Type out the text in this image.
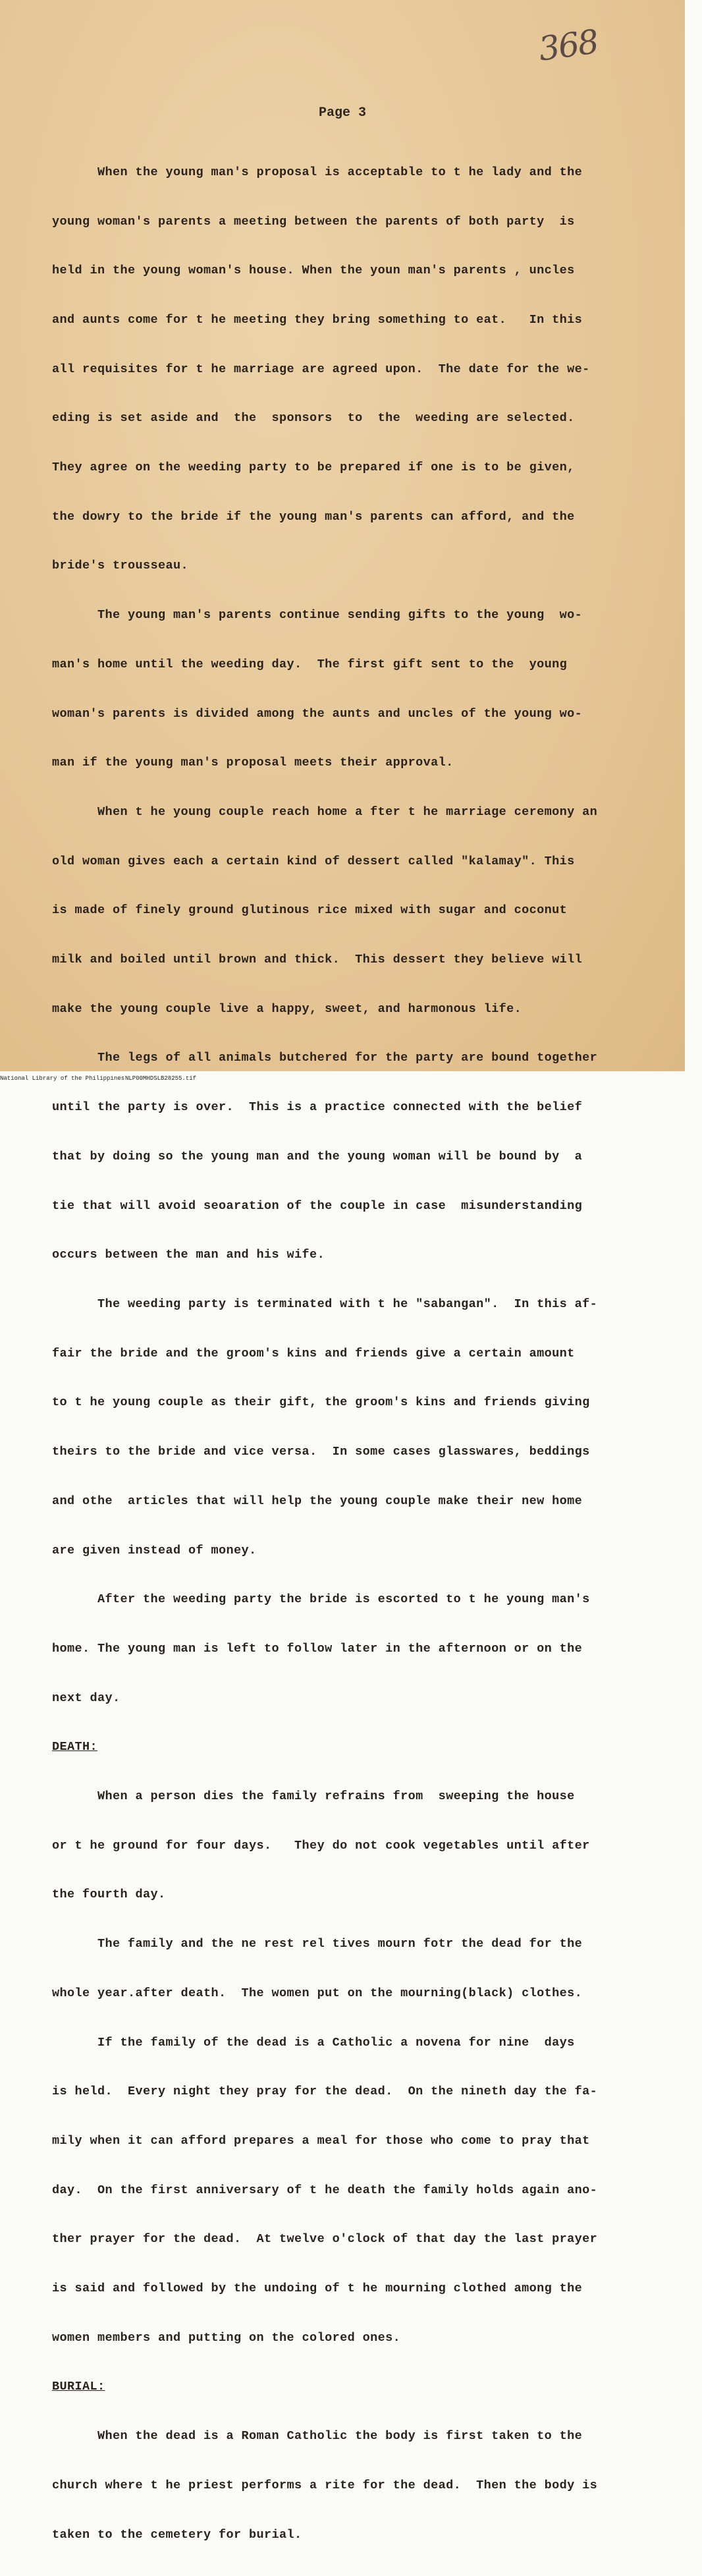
368
Page 3

When the young man's proposal is acceptable to t he lady and the

young woman's parents a meeting between the parents of both party  is

held in the young woman's house. When the youn man's parents , uncles

and aunts come for t he meeting they bring something to eat.   In this

all requisites for t he marriage are agreed upon.  The date for the we-

eding is set aside and  the  sponsors  to  the  weeding are selected.

They agree on the weeding party to be prepared if one is to be given,

the dowry to the bride if the young man's parents can afford, and the

bride's trousseau.

The young man's parents continue sending gifts to the young  wo-

man's home until the weeding day.  The first gift sent to the  young

woman's parents is divided among the aunts and uncles of the young wo-

man if the young man's proposal meets their approval.

When t he young couple reach home a fter t he marriage ceremony an

old woman gives each a certain kind of dessert called "kalamay". This

is made of finely ground glutinous rice mixed with sugar and coconut

milk and boiled until brown and thick.  This dessert they believe will

make the young couple live a happy, sweet, and harmonous life.

The legs of all animals butchered for the party are bound together

until the party is over.  This is a practice connected with the belief

that by doing so the young man and the young woman will be bound by  a

tie that will avoid seoaration of the couple in case  misunderstanding

occurs between the man and his wife.

The weeding party is terminated with t he "sabangan".  In this af-

fair the bride and the groom's kins and friends give a certain amount

to t he young couple as their gift, the groom's kins and friends giving

theirs to the bride and vice versa.  In some cases glasswares, beddings

and othe  articles that will help the young couple make their new home

are given instead of money.

After the weeding party the bride is escorted to t he young man's

home. The young man is left to follow later in the afternoon or on the

next day.

DEATH:

When a person dies the family refrains from  sweeping the house

or t he ground for four days.   They do not cook vegetables until after

the fourth day.

The family and the ne rest rel tives mourn fotr the dead for the

whole year.after death.  The women put on the mourning(black) clothes.

If the family of the dead is a Catholic a novena for nine  days

is held.  Every night they pray for the dead.  On the nineth day the fa-

mily when it can afford prepares a meal for those who come to pray that

day.  On the first anniversary of t he death the family holds again ano-

ther prayer for the dead.  At twelve o'clock of that day the last prayer

is said and followed by the undoing of t he mourning clothed among the

women members and putting on the colored ones.

BURIAL:

When the dead is a Roman Catholic the body is first taken to the

church where t he priest performs a rite for the dead.  Then the body is

taken to the cemetery for burial.

National Library of the Philippines NLP00MHDSLB28255.tif
